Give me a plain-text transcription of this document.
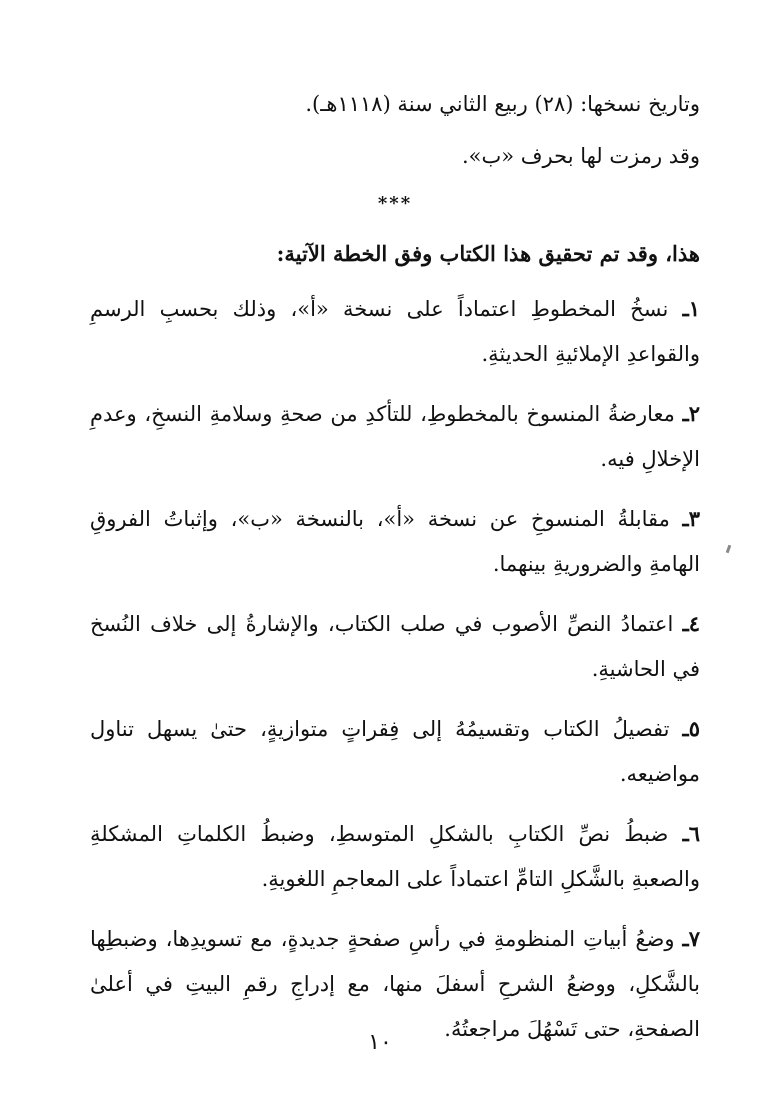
وتاريخ نسخها: (٢٨) ربيع الثاني سنة (١١١٨هـ).

وقد رمزت لها بحرف «ب».

***

هذا، وقد تم تحقيق هذا الكتاب وفق الخطة الآتية:

١ـ نسخُ المخطوطِ اعتماداً على نسخة «أ»، وذلك بحسبِ الرسمِ والقواعدِ الإملائيةِ الحديثةِ.

٢ـ معارضةُ المنسوخ بالمخطوطِ، للتأكدِ من صحةِ وسلامةِ النسخِ، وعدمِ الإخلالِ فيه.

٣ـ مقابلةُ المنسوخِ عن نسخة «أ»، بالنسخة «ب»، وإثباتُ الفروقِ الهامةِ والضروريةِ بينهما.

٤ـ اعتمادُ النصِّ الأصوب في صلب الكتاب، والإشارةُ إلى خلاف النُسخ في الحاشيةِ.

٥ـ تفصيلُ الكتاب وتقسيمُهُ إلى فِقراتٍ متوازيةٍ، حتىٰ يسهل تناول مواضيعه.

٦ـ ضبطُ نصِّ الكتابِ بالشكلِ المتوسطِ، وضبطُ الكلماتِ المشكلةِ والصعبةِ بالشَّكلِ التامِّ اعتماداً على المعاجمِ اللغويةِ.

٧ـ وضعُ أبياتِ المنظومةِ في رأسِ صفحةٍ جديدةٍ، مع تسويدِها، وضبطِها بالشَّكلِ، ووضعُ الشرحِ أسفلَ منها، مع إدراجِ رقمِ البيتِ في أعلىٰ الصفحةِ، حتى تَسْهُلَ مراجعتُهُ.

١٠
